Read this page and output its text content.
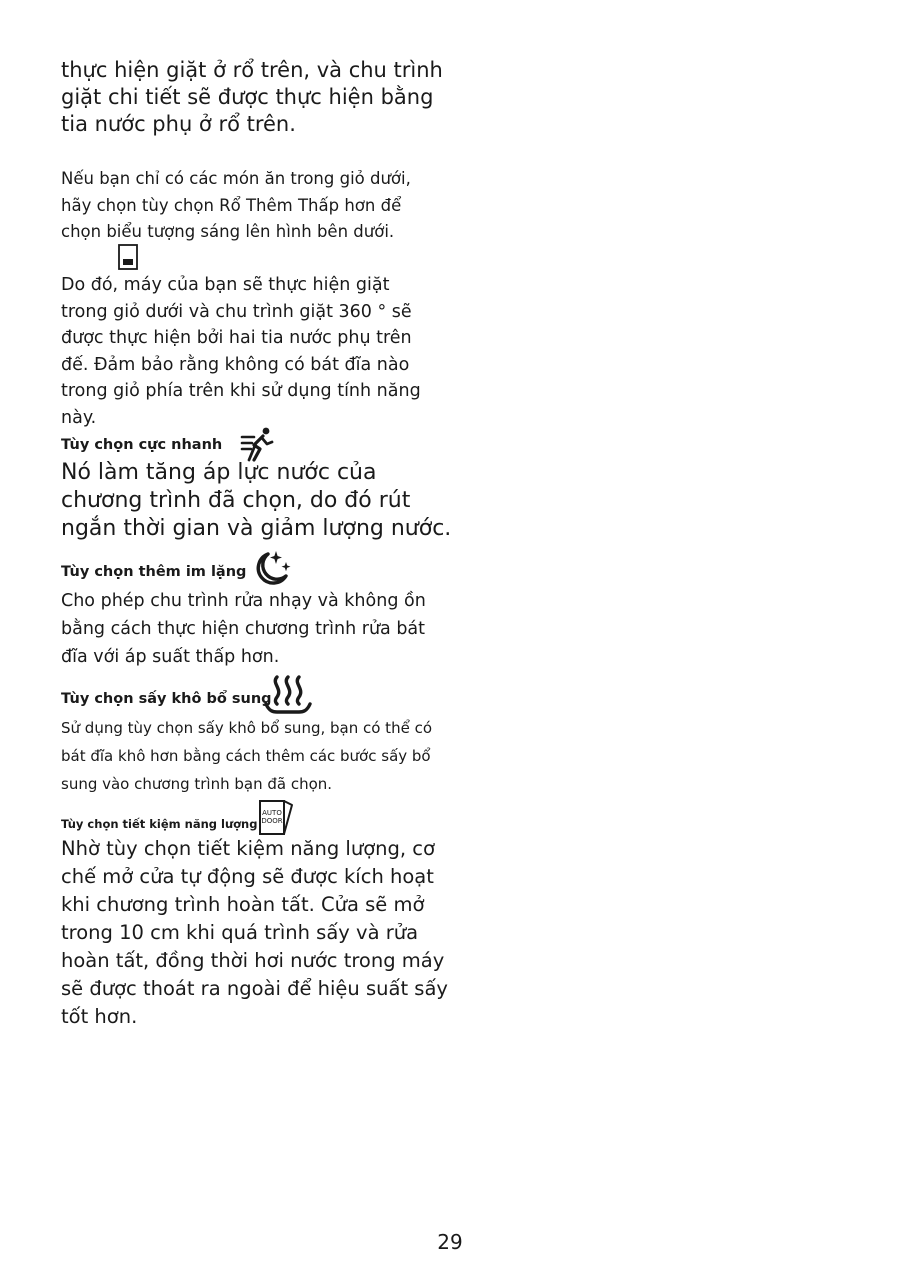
thực hiện giặt ở rổ trên, và chu trình giặt chi tiết sẽ được thực hiện bằng tia nước phụ ở rổ trên.

Nếu bạn chỉ có các món ăn trong giỏ dưới, hãy chọn tùy chọn Rổ Thêm Thấp hơn để chọn biểu tượng sáng lên hình bên dưới.

Do đó, máy của bạn sẽ thực hiện giặt trong giỏ dưới và chu trình giặt 360 ° sẽ được thực hiện bởi hai tia nước phụ trên đế. Đảm bảo rằng không có bát đĩa nào trong giỏ phía trên khi sử dụng tính năng này.

Tùy chọn cực nhanh

Nó làm tăng áp lực nước của chương trình đã chọn, do đó rút ngắn thời gian và giảm lượng nước.

Tùy chọn thêm im lặng

Cho phép chu trình rửa nhạy và không ồn bằng cách thực hiện chương trình rửa bát đĩa với áp suất thấp hơn.

Tùy chọn sấy khô bổ sung

Sử dụng tùy chọn sấy khô bổ sung, bạn có thể có bát đĩa khô hơn bằng cách thêm các bước sấy bổ sung vào chương trình bạn đã chọn.

Tùy chọn tiết kiệm năng lượng
AUTO
DOOR

Nhờ tùy chọn tiết kiệm năng lượng, cơ chế mở cửa tự động sẽ được kích hoạt khi chương trình hoàn tất. Cửa sẽ mở trong 10 cm khi quá trình sấy và rửa hoàn tất, đồng thời hơi nước trong máy sẽ được thoát ra ngoài để hiệu suất sấy tốt hơn.

29
